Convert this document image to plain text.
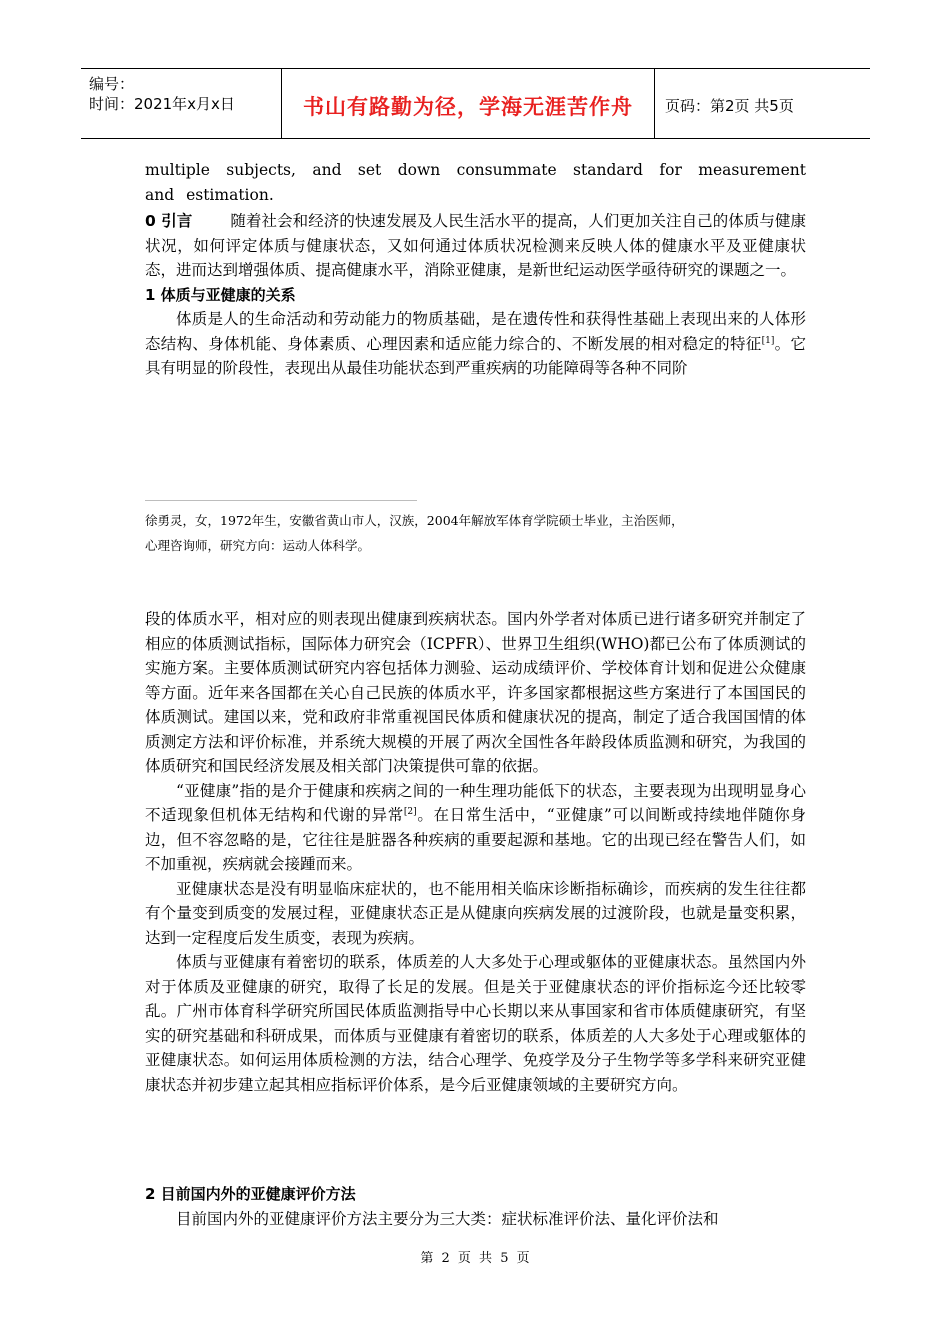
编号：
时间：2021年x月x日	书山有路勤为径，学海无涯苦作舟	页码：第2页 共5页

multiple subjects, and set down consummate standard for measurement and estimation.

0 引言 随着社会和经济的快速发展及人民生活水平的提高，人们更加关注自己的体质与健康状况，如何评定体质与健康状态，又如何通过体质状况检测来反映人体的健康水平及亚健康状态，进而达到增强体质、提高健康水平，消除亚健康，是新世纪运动医学亟待研究的课题之一。

1 体质与亚健康的关系

体质是人的生命活动和劳动能力的物质基础，是在遗传性和获得性基础上表现出来的人体形态结构、身体机能、身体素质、心理因素和适应能力综合的、不断发展的相对稳定的特征[1]。它具有明显的阶段性，表现出从最佳功能状态到严重疾病的功能障碍等各种不同阶

徐勇灵，女，1972年生，安徽省黄山市人，汉族，2004年解放军体育学院硕士毕业，主治医师，
心理咨询师，研究方向：运动人体科学。

段的体质水平，相对应的则表现出健康到疾病状态。国内外学者对体质已进行诸多研究并制定了相应的体质测试指标，国际体力研究会（ICPFR）、世界卫生组织(WHO)都已公布了体质测试的实施方案。主要体质测试研究内容包括体力测验、运动成绩评价、学校体育计划和促进公众健康等方面。近年来各国都在关心自己民族的体质水平，许多国家都根据这些方案进行了本国国民的体质测试。建国以来，党和政府非常重视国民体质和健康状况的提高，制定了适合我国国情的体质测定方法和评价标准，并系统大规模的开展了两次全国性各年龄段体质监测和研究，为我国的体质研究和国民经济发展及相关部门决策提供可靠的依据。

“亚健康”指的是介于健康和疾病之间的一种生理功能低下的状态，主要表现为出现明显身心不适现象但机体无结构和代谢的异常[2]。在日常生活中，“亚健康”可以间断或持续地伴随你身边，但不容忽略的是，它往往是脏器各种疾病的重要起源和基地。它的出现已经在警告人们，如不加重视，疾病就会接踵而来。

亚健康状态是没有明显临床症状的，也不能用相关临床诊断指标确诊，而疾病的发生往往都有个量变到质变的发展过程，亚健康状态正是从健康向疾病发展的过渡阶段，也就是量变积累，达到一定程度后发生质变，表现为疾病。

体质与亚健康有着密切的联系，体质差的人大多处于心理或躯体的亚健康状态。虽然国内外对于体质及亚健康的研究，取得了长足的发展。但是关于亚健康状态的评价指标迄今还比较零乱。广州市体育科学研究所国民体质监测指导中心长期以来从事国家和省市体质健康研究，有坚实的研究基础和科研成果，而体质与亚健康有着密切的联系，体质差的人大多处于心理或躯体的亚健康状态。如何运用体质检测的方法，结合心理学、免疫学及分子生物学等多学科来研究亚健康状态并初步建立起其相应指标评价体系，是今后亚健康领域的主要研究方向。

2 目前国内外的亚健康评价方法

目前国内外的亚健康评价方法主要分为三大类：症状标准评价法、量化评价法和

第 2 页 共 5 页
